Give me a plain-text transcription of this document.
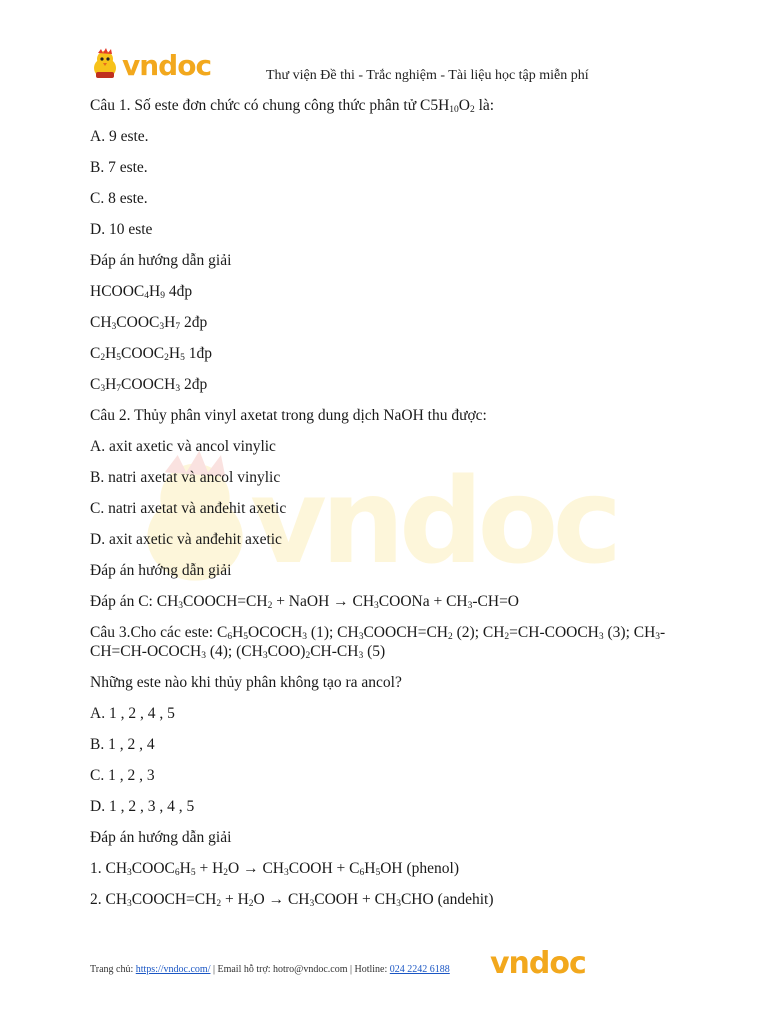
vndoc	Thư viện Đề thi - Trắc nghiệm - Tài liệu học tập miễn phí
vndoc
Câu 1. Số este đơn chức có chung công thức phân tử $C5H_{10}O_2$ là:
A. 9 este.
B. 7 este.
C. 8 este.
D. 10 este
Đáp án hướng dẫn giải
$HCOOC_4H_9$ 4đp
$CH_3COOC_3H_7$ 2đp
$C_2H_5COOC_2H_5$ 1đp
$C_3H_7COOCH_3$ 2đp
Câu 2. Thủy phân vinyl axetat trong dung dịch NaOH thu được:
A. axit axetic và ancol vinylic
B. natri axetat và ancol vinylic
C. natri axetat và anđehit axetic
D. axit axetic và anđehit axetic
Đáp án hướng dẫn giải
Đáp án C: $CH_3COOCH=CH_2$ + NaOH → $CH_3COONa + CH_3-CH=O$
Câu 3.Cho các este: $C_6H_5OCOCH_3$ (1); $CH_3COOCH=CH_2$ (2); $CH_2=CH-COOCH_3$ (3); $CH_3-CH=CH-OCOCH_3$ (4); $(CH_3COO)_2CH-CH_3$ (5)
Những este nào khi thủy phân không tạo ra ancol?
A. 1 , 2 , 4 , 5
B. 1 , 2 , 4
C. 1 , 2 , 3
D. 1 , 2 , 3 , 4 , 5
Đáp án hướng dẫn giải
1. $CH_3COOC_6H_5 + H_2O$ → $CH_3COOH + C_6H_5OH$ (phenol)
2. $CH_3COOCH=CH_2 + H_2O$ → $CH_3COOH + CH_3CHO$ (andehit)
Trang chủ: https://vndoc.com/ | Email hỗ trợ: hotro@vndoc.com | Hotline: 024 2242 6188 vndoc
